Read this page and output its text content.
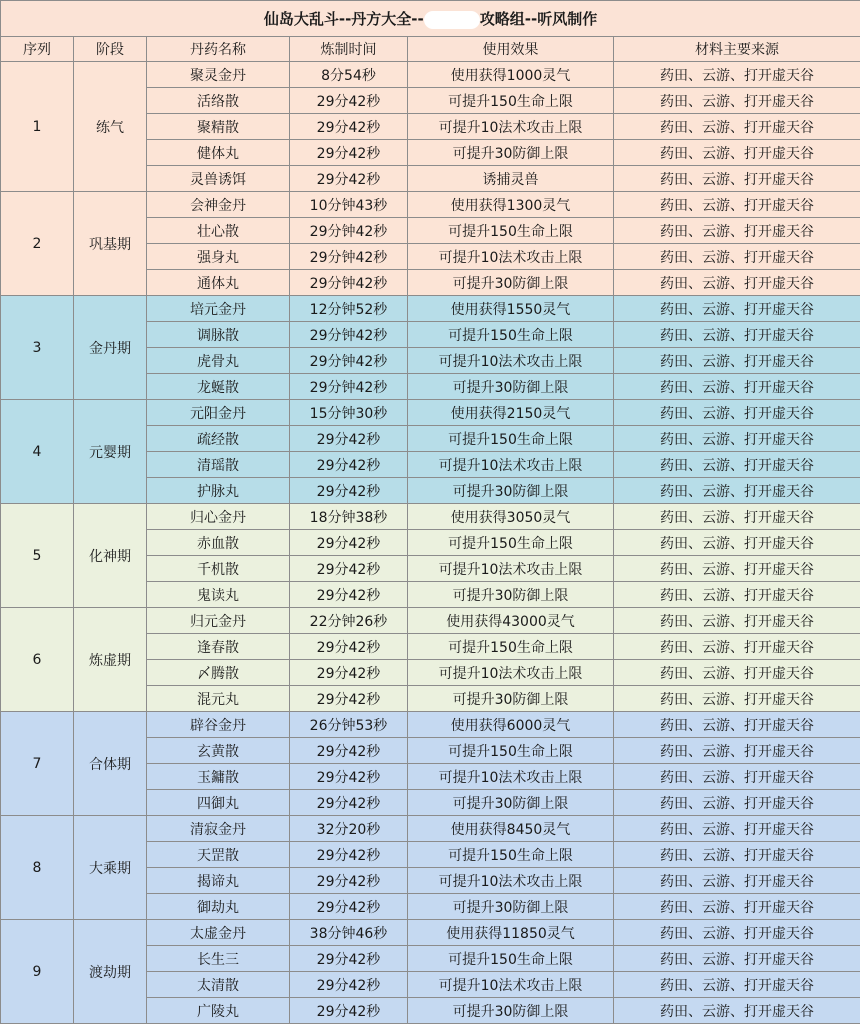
仙岛大乱斗--丹方大全-- 攻略组--听风制作					
序列	阶段	丹药名称	炼制时间	使用效果	材料主要来源
1	练气	聚灵金丹	8分54秒	使用获得1000灵气	药田、云游、打开虚天谷
		活络散	29分42秒	可提升150生命上限	药田、云游、打开虚天谷
		聚精散	29分42秒	可提升10法术攻击上限	药田、云游、打开虚天谷
		健体丸	29分42秒	可提升30防御上限	药田、云游、打开虚天谷
		灵兽诱饵	29分42秒	诱捕灵兽	药田、云游、打开虚天谷
2	巩基期	会神金丹	10分钟43秒	使用获得1300灵气	药田、云游、打开虚天谷
		壮心散	29分钟42秒	可提升150生命上限	药田、云游、打开虚天谷
		强身丸	29分钟42秒	可提升10法术攻击上限	药田、云游、打开虚天谷
		通体丸	29分钟42秒	可提升30防御上限	药田、云游、打开虚天谷
3	金丹期	培元金丹	12分钟52秒	使用获得1550灵气	药田、云游、打开虚天谷
		调脉散	29分钟42秒	可提升150生命上限	药田、云游、打开虚天谷
		虎骨丸	29分钟42秒	可提升10法术攻击上限	药田、云游、打开虚天谷
		龙蜒散	29分钟42秒	可提升30防御上限	药田、云游、打开虚天谷
4	元婴期	元阳金丹	15分钟30秒	使用获得2150灵气	药田、云游、打开虚天谷
		疏经散	29分42秒	可提升150生命上限	药田、云游、打开虚天谷
		清瑶散	29分42秒	可提升10法术攻击上限	药田、云游、打开虚天谷
		护脉丸	29分42秒	可提升30防御上限	药田、云游、打开虚天谷
5	化神期	归心金丹	18分钟38秒	使用获得3050灵气	药田、云游、打开虚天谷
		赤血散	29分42秒	可提升150生命上限	药田、云游、打开虚天谷
		千机散	29分42秒	可提升10法术攻击上限	药田、云游、打开虚天谷
		鬼读丸	29分42秒	可提升30防御上限	药田、云游、打开虚天谷
6	炼虚期	归元金丹	22分钟26秒	使用获得43000灵气	药田、云游、打开虚天谷
		逢春散	29分42秒	可提升150生命上限	药田、云游、打开虚天谷
		〆腾散	29分42秒	可提升10法术攻击上限	药田、云游、打开虚天谷
		混元丸	29分42秒	可提升30防御上限	药田、云游、打开虚天谷
7	合体期	辟谷金丹	26分钟53秒	使用获得6000灵气	药田、云游、打开虚天谷
		玄黄散	29分42秒	可提升150生命上限	药田、云游、打开虚天谷
		玉鏞散	29分42秒	可提升10法术攻击上限	药田、云游、打开虚天谷
		四御丸	29分42秒	可提升30防御上限	药田、云游、打开虚天谷
8	大乘期	清寂金丹	32分20秒	使用获得8450灵气	药田、云游、打开虚天谷
		天罡散	29分42秒	可提升150生命上限	药田、云游、打开虚天谷
		揭谛丸	29分42秒	可提升10法术攻击上限	药田、云游、打开虚天谷
		御劫丸	29分42秒	可提升30防御上限	药田、云游、打开虚天谷
9	渡劫期	太虚金丹	38分钟46秒	使用获得11850灵气	药田、云游、打开虚天谷
		长生三	29分42秒	可提升150生命上限	药田、云游、打开虚天谷
		太清散	29分42秒	可提升10法术攻击上限	药田、云游、打开虚天谷
		广陵丸	29分42秒	可提升30防御上限	药田、云游、打开虚天谷
